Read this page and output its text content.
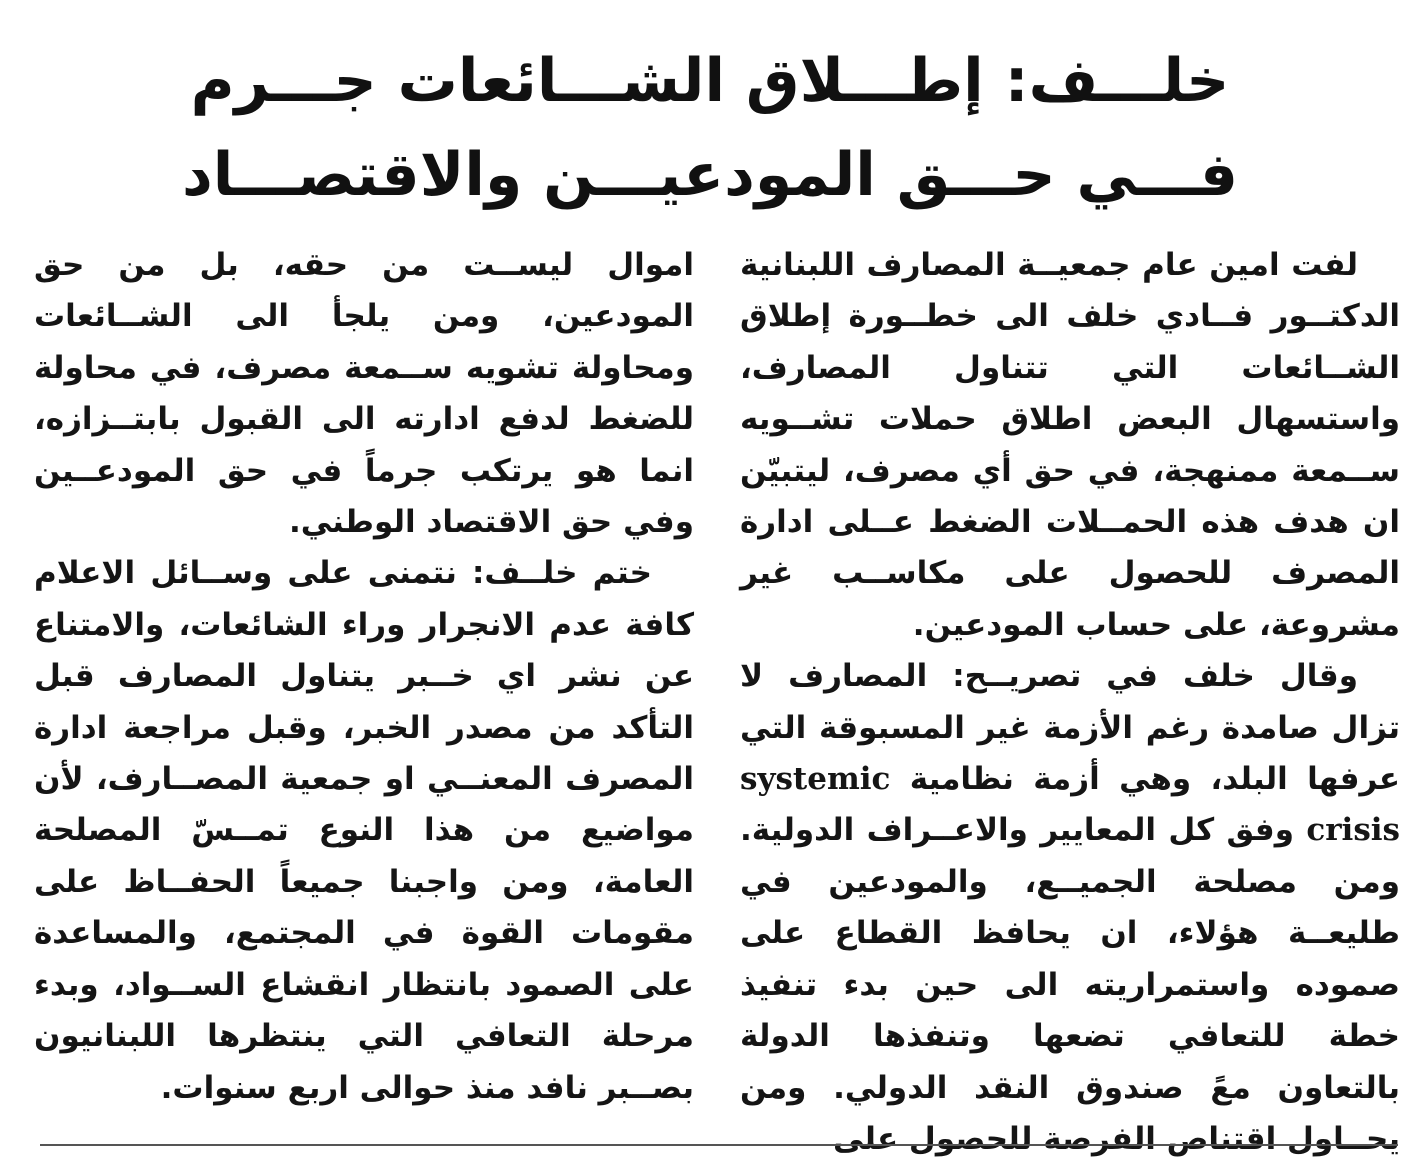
خلـــف: إطـــلاق الشـــائعات جـــرم
فـــي حـــق المودعيـــن والاقتصـــاد

لفت امين عام جمعيــة المصارف اللبنانية الدكتــور فــادي خلف الى خطــورة إطلاق الشــائعات التي تتناول المصارف، واستسهال البعض اطلاق حملات تشــويه ســمعة ممنهجة، في حق أي مصرف، ليتبيّن ان هدف هذه الحمــلات الضغط عــلى ادارة المصرف للحصول على مكاســب غير مشروعة، على حساب المودعين.

وقال خلف في تصريــح: المصارف لا تزال صامدة رغم الأزمة غير المسبوقة التي عرفها البلد، وهي أزمة نظامية systemic crisis وفق كل المعايير والاعــراف الدولية. ومن مصلحة الجميــع، والمودعين في طليعــة هؤلاء، ان يحافظ القطاع على صموده واستمراريته الى حين بدء تنفيذ خطة للتعافي تضعها وتنفذها الدولة بالتعاون معً صندوق النقد الدولي. ومن يحــاول اقتناص الفرصة للحصول على

اموال ليســت من حقه، بل من حق المودعين، ومن يلجأ الى الشــائعات ومحاولة تشويه ســمعة مصرف، في محاولة للضغط لدفع ادارته الى القبول بابتــزازه، انما هو يرتكب جرماً في حق المودعــين وفي حق الاقتصاد الوطني.

ختم خلــف: نتمنى على وســائل الاعلام كافة عدم الانجرار وراء الشائعات، والامتناع عن نشر اي خــبر يتناول المصارف قبل التأكد من مصدر الخبر، وقبل مراجعة ادارة المصرف المعنــي او جمعية المصــارف، لأن مواضيع من هذا النوع تمــسّ المصلحة العامة، ومن واجبنا جميعاً الحفــاظ على مقومات القوة في المجتمع، والمساعدة على الصمود بانتظار انقشاع الســواد، وبدء مرحلة التعافي التي ينتظرها اللبنانيون بصــبر نافد منذ حوالى اربع سنوات.
